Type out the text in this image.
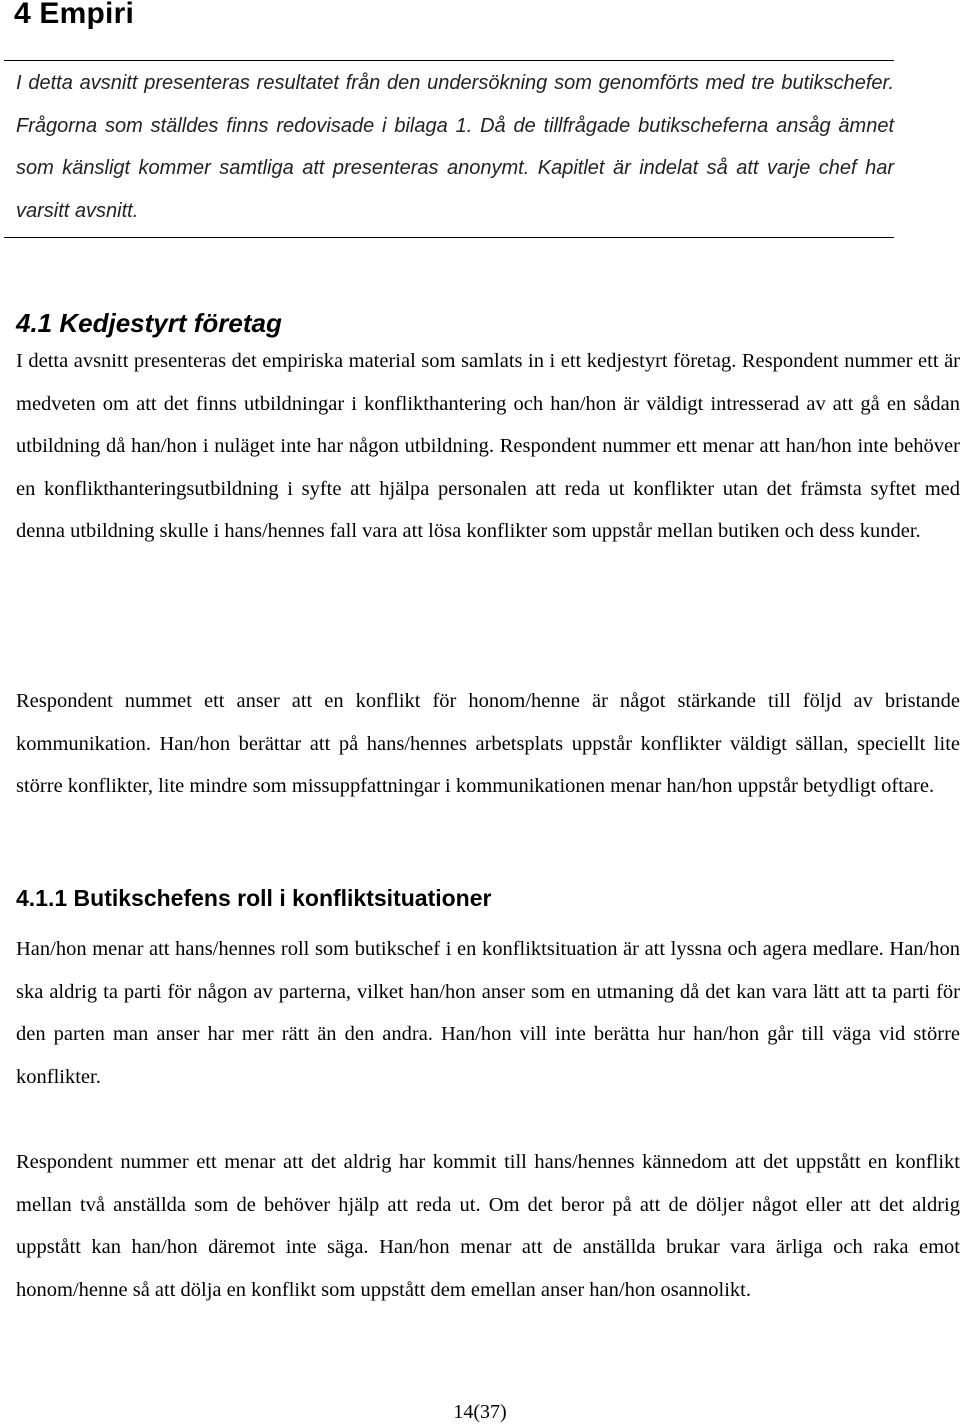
4 Empiri

I detta avsnitt presenteras resultatet från den undersökning som genomförts med tre butikschefer. Frågorna som ställdes finns redovisade i bilaga 1. Då de tillfrågade butikscheferna ansåg ämnet som känsligt kommer samtliga att presenteras anonymt. Kapitlet är indelat så att varje chef har varsitt avsnitt.

4.1 Kedjestyrt företag

I detta avsnitt presenteras det empiriska material som samlats in i ett kedjestyrt företag. Respondent nummer ett är medveten om att det finns utbildningar i konflikthantering och han/hon är väldigt intresserad av att gå en sådan utbildning då han/hon i nuläget inte har någon utbildning. Respondent nummer ett menar att han/hon inte behöver en konflikthanteringsutbildning i syfte att hjälpa personalen att reda ut konflikter utan det främsta syftet med denna utbildning skulle i hans/hennes fall vara att lösa konflikter som uppstår mellan butiken och dess kunder.

Respondent nummet ett anser att en konflikt för honom/henne är något stärkande till följd av bristande kommunikation. Han/hon berättar att på hans/hennes arbetsplats uppstår konflikter väldigt sällan, speciellt lite större konflikter, lite mindre som missuppfattningar i kommunikationen menar han/hon uppstår betydligt oftare.

4.1.1 Butikschefens roll i konfliktsituationer

Han/hon menar att hans/hennes roll som butikschef i en konfliktsituation är att lyssna och agera medlare. Han/hon ska aldrig ta parti för någon av parterna, vilket han/hon anser som en utmaning då det kan vara lätt att ta parti för den parten man anser har mer rätt än den andra. Han/hon vill inte berätta hur han/hon går till väga vid större konflikter.

Respondent nummer ett menar att det aldrig har kommit till hans/hennes kännedom att det uppstått en konflikt mellan två anställda som de behöver hjälp att reda ut. Om det beror på att de döljer något eller att det aldrig uppstått kan han/hon däremot inte säga. Han/hon menar att de anställda brukar vara ärliga och raka emot honom/henne så att dölja en konflikt som uppstått dem emellan anser han/hon osannolikt.

14(37)
